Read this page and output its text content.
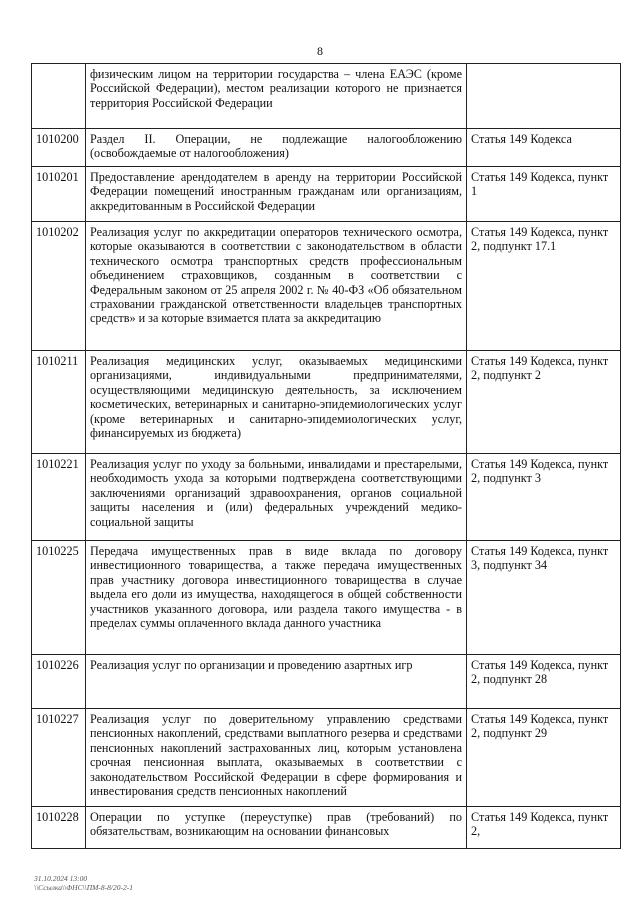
8
	физическим лицом на территории государства – члена ЕАЭС (кроме Российской Федерации), местом реализации которого не признается территория Российской Федерации	
1010200	Раздел II. Операции, не подлежащие налогообложению (освобождаемые от налогообложения)	Статья 149 Кодекса
1010201	Предоставление арендодателем в аренду на территории Российской Федерации помещений иностранным гражданам или организациям, аккредитованным в Российской Федерации	Статья 149 Кодекса, пункт 1
1010202	Реализация услуг по аккредитации операторов технического осмотра, которые оказываются в соответствии с законодательством в области технического осмотра транспортных средств профессиональным объединением страховщиков, созданным в соответствии с Федеральным законом от 25 апреля 2002 г. № 40-ФЗ «Об обязательном страховании гражданской ответственности владельцев транспортных средств» и за которые взимается плата за аккредитацию	Статья 149 Кодекса, пункт 2, подпункт 17.1
1010211	Реализация медицинских услуг, оказываемых медицинскими организациями, индивидуальными предпринимателями, осуществляющими медицинскую деятельность, за исключением косметических, ветеринарных и санитарно-эпидемиологических услуг (кроме ветеринарных и санитарно-эпидемиологических услуг, финансируемых из бюджета)	Статья 149 Кодекса, пункт 2, подпункт 2
1010221	Реализация услуг по уходу за больными, инвалидами и престарелыми, необходимость ухода за которыми подтверждена соответствующими заключениями организаций здравоохранения, органов социальной защиты населения и (или) федеральных учреждений медико-социальной защиты	Статья 149 Кодекса, пункт 2, подпункт 3
1010225	Передача имущественных прав в виде вклада по договору инвестиционного товарищества, а также передача имущественных прав участнику договора инвестиционного товарищества в случае выдела его доли из имущества, находящегося в общей собственности участников указанного договора, или раздела такого имущества - в пределах суммы оплаченного вклада данного участника	Статья 149 Кодекса, пункт 3, подпункт 34
1010226	Реализация услуг по организации и проведению азартных игр	Статья 149 Кодекса, пункт 2, подпункт 28
1010227	Реализация услуг по доверительному управлению средствами пенсионных накоплений, средствами выплатного резерва и средствами пенсионных накоплений застрахованных лиц, которым установлена срочная пенсионная выплата, оказываемых в соответствии с законодательством Российской Федерации в сфере формирования и инвестирования средств пенсионных накоплений	Статья 149 Кодекса, пункт 2, подпункт 29
1010228	Операции по уступке (переуступке) прав (требований) по обязательствам, возникающим на основании финансовых	Статья 149 Кодекса, пункт 2,
31.10.2024 13:00
\\Ссылка\\ФНС\\ПМ-8-8/20-2-1
